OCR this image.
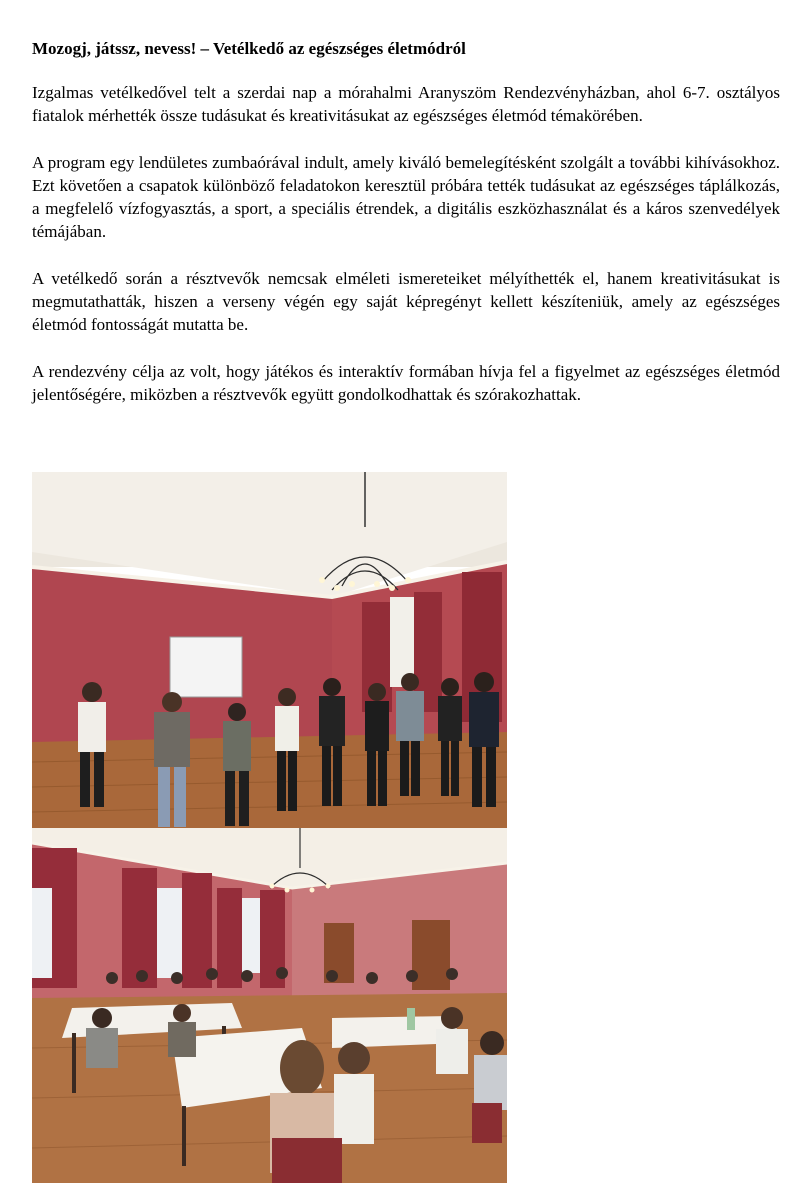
Mozogj, játssz, nevess! – Vetélkedő az egészséges életmódról

Izgalmas vetélkedővel telt a szerdai nap a mórahalmi Aranyszöm Rendezvényházban, ahol 6-7. osztályos fiatalok mérhették össze tudásukat és kreativitásukat az egészséges életmód témakörében.

A program egy lendületes zumbaórával indult, amely kiváló bemelegítésként szolgált a további kihívásokhoz. Ezt követően a csapatok különböző feladatokon keresztül próbára tették tudásukat az egészséges táplálkozás, a megfelelő vízfogyasztás, a sport, a speciális étrendek, a digitális eszközhasználat és a káros szenvedélyek témájában.

A vetélkedő során a résztvevők nemcsak elméleti ismereteiket mélyíthették el, hanem kreativitásukat is megmutathatták, hiszen a verseny végén egy saját képregényt kellett készíteniük, amely az egészséges életmód fontosságát mutatta be.

A rendezvény célja az volt, hogy játékos és interaktív formában hívja fel a figyelmet az egészséges életmód jelentőségére, miközben a résztvevők együtt gondolkodhattak és szórakozhattak.
